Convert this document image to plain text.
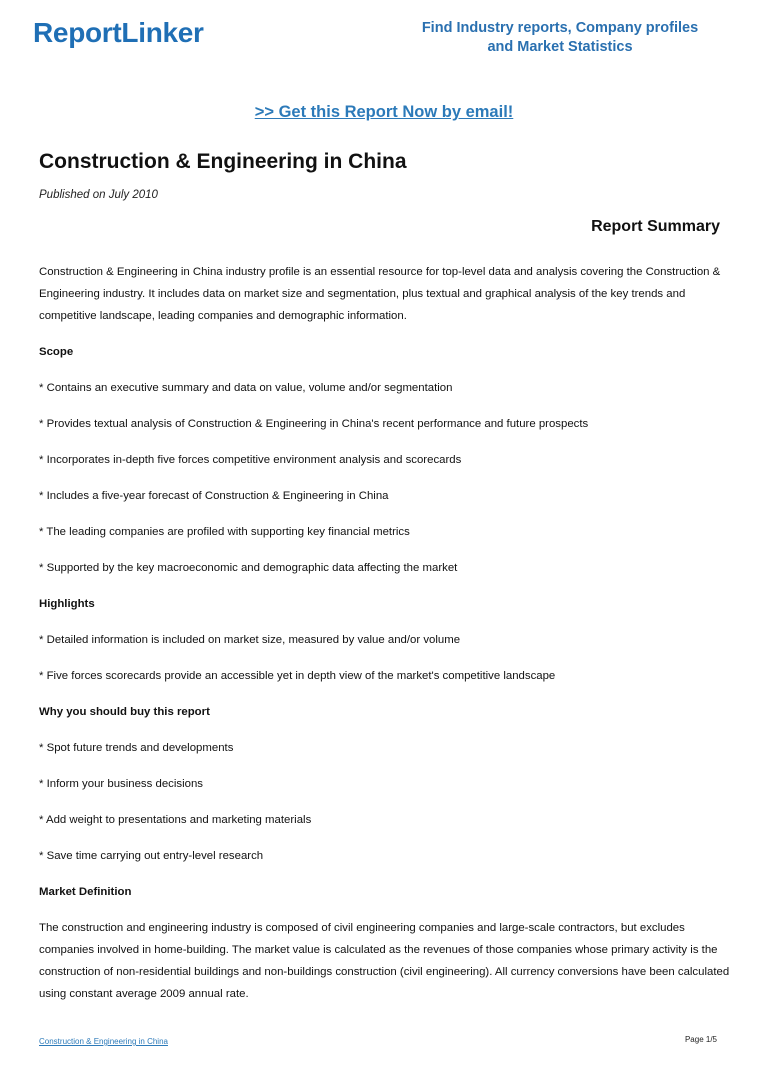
ReportLinker	Find Industry reports, Company profiles
and Market Statistics
>> Get this Report Now by email!
Construction & Engineering in China
Published on July 2010
Report Summary

Construction & Engineering in China industry profile is an essential resource for top-level data and analysis covering the Construction & Engineering industry. It includes data on market size and segmentation, plus textual and graphical analysis of the key trends and competitive landscape, leading companies and demographic information.

Scope

* Contains an executive summary and data on value, volume and/or segmentation

* Provides textual analysis of Construction & Engineering in China's recent performance and future prospects

* Incorporates in-depth five forces competitive environment analysis and scorecards

* Includes a five-year forecast of Construction & Engineering in China

* The leading companies are profiled with supporting key financial metrics

* Supported by the key macroeconomic and demographic data affecting the market

Highlights

* Detailed information is included on market size, measured by value and/or volume

* Five forces scorecards provide an accessible yet in depth view of the market's competitive landscape

Why you should buy this report

* Spot future trends and developments

* Inform your business decisions

* Add weight to presentations and marketing materials

* Save time carrying out entry-level research

Market Definition

The construction and engineering industry is composed of civil engineering companies and large-scale contractors, but excludes companies involved in home-building. The market value is calculated as the revenues of those companies whose primary activity is the construction of non-residential buildings and non-buildings construction (civil engineering). All currency conversions have been calculated using constant average 2009 annual rate.

Construction & Engineering in China	Page 1/5
